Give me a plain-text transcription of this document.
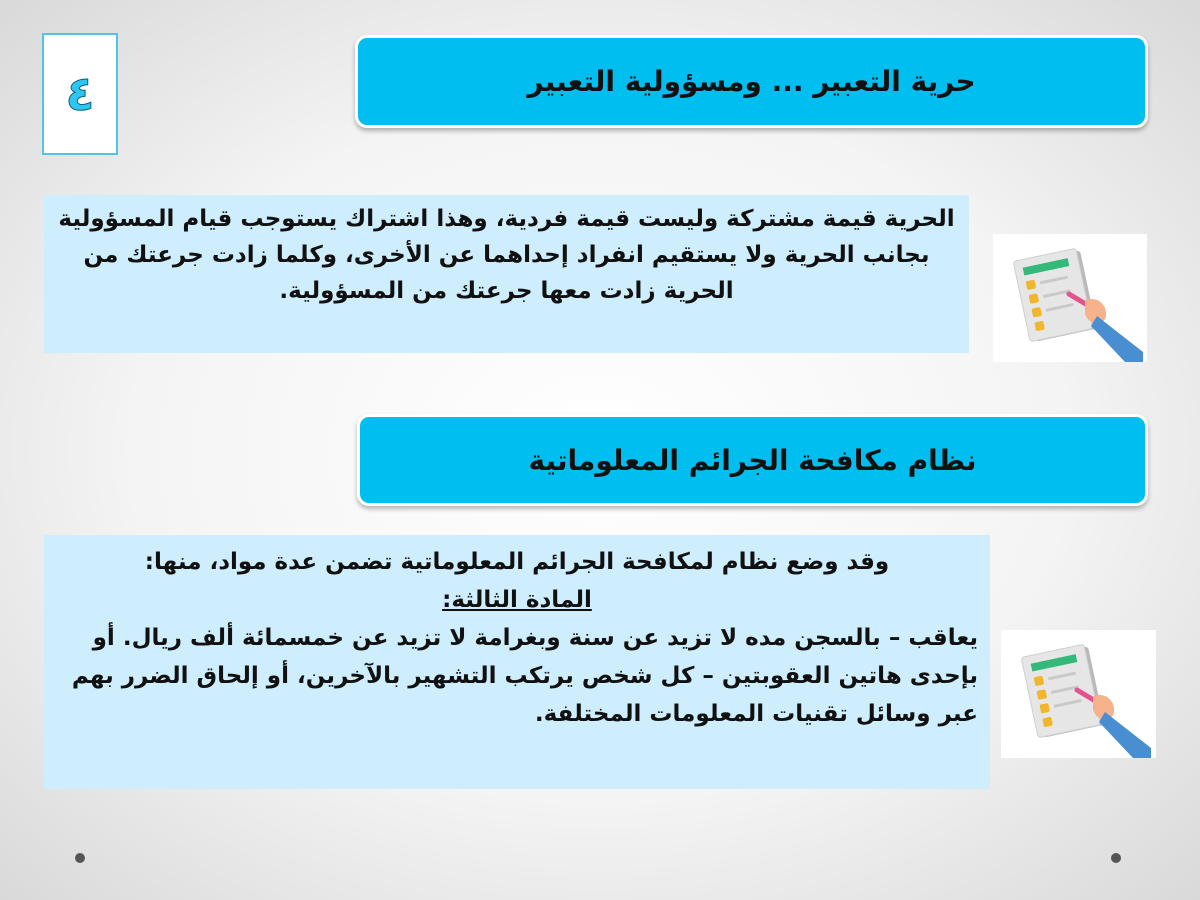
٤	حرية التعبير ... ومسؤولية التعبير
الحرية قيمة مشتركة وليست قيمة فردية، وهذا اشتراك يستوجب قيام المسؤولية بجانب الحرية ولا يستقيم انفراد إحداهما عن الأخرى، وكلما زادت جرعتك من الحرية زادت معها جرعتك من المسؤولية.
نظام مكافحة الجرائم المعلوماتية
وقد وضع نظام لمكافحة الجرائم المعلوماتية تضمن عدة مواد، منها:
المادة الثالثة:
يعاقب – بالسجن مده لا تزيد عن سنة وبغرامة لا تزيد عن خمسمائة ألف ريال. أو بإحدى هاتين العقوبتين – كل شخص يرتكب التشهير بالآخرين، أو إلحاق الضرر بهم عبر وسائل تقنيات المعلومات المختلفة.
